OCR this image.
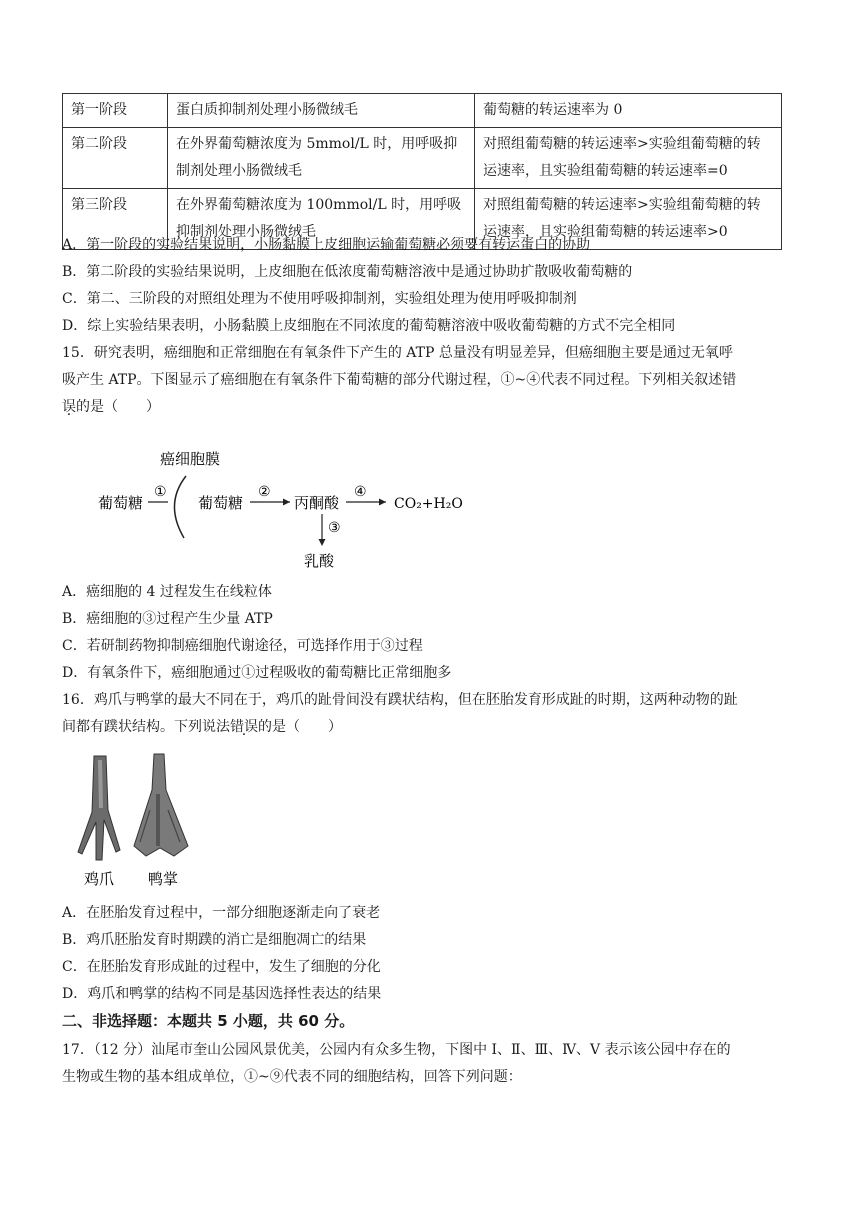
第一阶段	蛋白质抑制剂处理小肠微绒毛	葡萄糖的转运速率为 0
第二阶段	在外界葡萄糖浓度为 5mmol/L 时，用呼吸抑制剂处理小肠微绒毛	对照组葡萄糖的转运速率>实验组葡萄糖的转运速率，且实验组葡萄糖的转运速率=0
第三阶段	在外界葡萄糖浓度为 100mmol/L 时，用呼吸抑制剂处理小肠微绒毛	对照组葡萄糖的转运速率>实验组葡萄糖的转运速率，且实验组葡萄糖的转运速率>0
A．第一阶段的实验结果说明，小肠黏膜上皮细胞运输葡萄糖必须要有转运蛋白的协助
B．第二阶段的实验结果说明，上皮细胞在低浓度葡萄糖溶液中是通过协助扩散吸收葡萄糖的
C．第二、三阶段的对照组处理为不使用呼吸抑制剂，实验组处理为使用呼吸抑制剂
D．综上实验结果表明，小肠黏膜上皮细胞在不同浓度的葡萄糖溶液中吸收葡萄糖的方式不完全相同
15．研究表明，癌细胞和正常细胞在有氧条件下产生的 ATP 总量没有明显差异，但癌细胞主要是通过无氧呼
吸产生 ATP。下图显示了癌细胞在有氧条件下葡萄糖的部分代谢过程，①~④代表不同过程。下列相关叙述错
误的是（　　）
癌细胞膜
葡萄糖
①
葡萄糖
②
丙酮酸
④
CO₂+H₂O
③
乳酸
A．癌细胞的 4 过程发生在线粒体
B．癌细胞的③过程产生少量 ATP
C．若研制药物抑制癌细胞代谢途径，可选择作用于③过程
D．有氧条件下，癌细胞通过①过程吸收的葡萄糖比正常细胞多
16．鸡爪与鸭掌的最大不同在于，鸡爪的趾骨间没有蹼状结构，但在胚胎发育形成趾的时期，这两种动物的趾
间都有蹼状结构。下列说法错误的是（　　）
鸡爪 鸭掌
A．在胚胎发育过程中，一部分细胞逐渐走向了衰老
B．鸡爪胚胎发育时期蹼的消亡是细胞凋亡的结果
C．在胚胎发育形成趾的过程中，发生了细胞的分化
D．鸡爪和鸭掌的结构不同是基因选择性表达的结果
二、非选择题：本题共 5 小题，共 60 分。
17．（12 分）汕尾市奎山公园风景优美，公园内有众多生物，下图中 Ⅰ、Ⅱ、Ⅲ、Ⅳ、Ⅴ 表示该公园中存在的
生物或生物的基本组成单位，①~⑨代表不同的细胞结构，回答下列问题：
